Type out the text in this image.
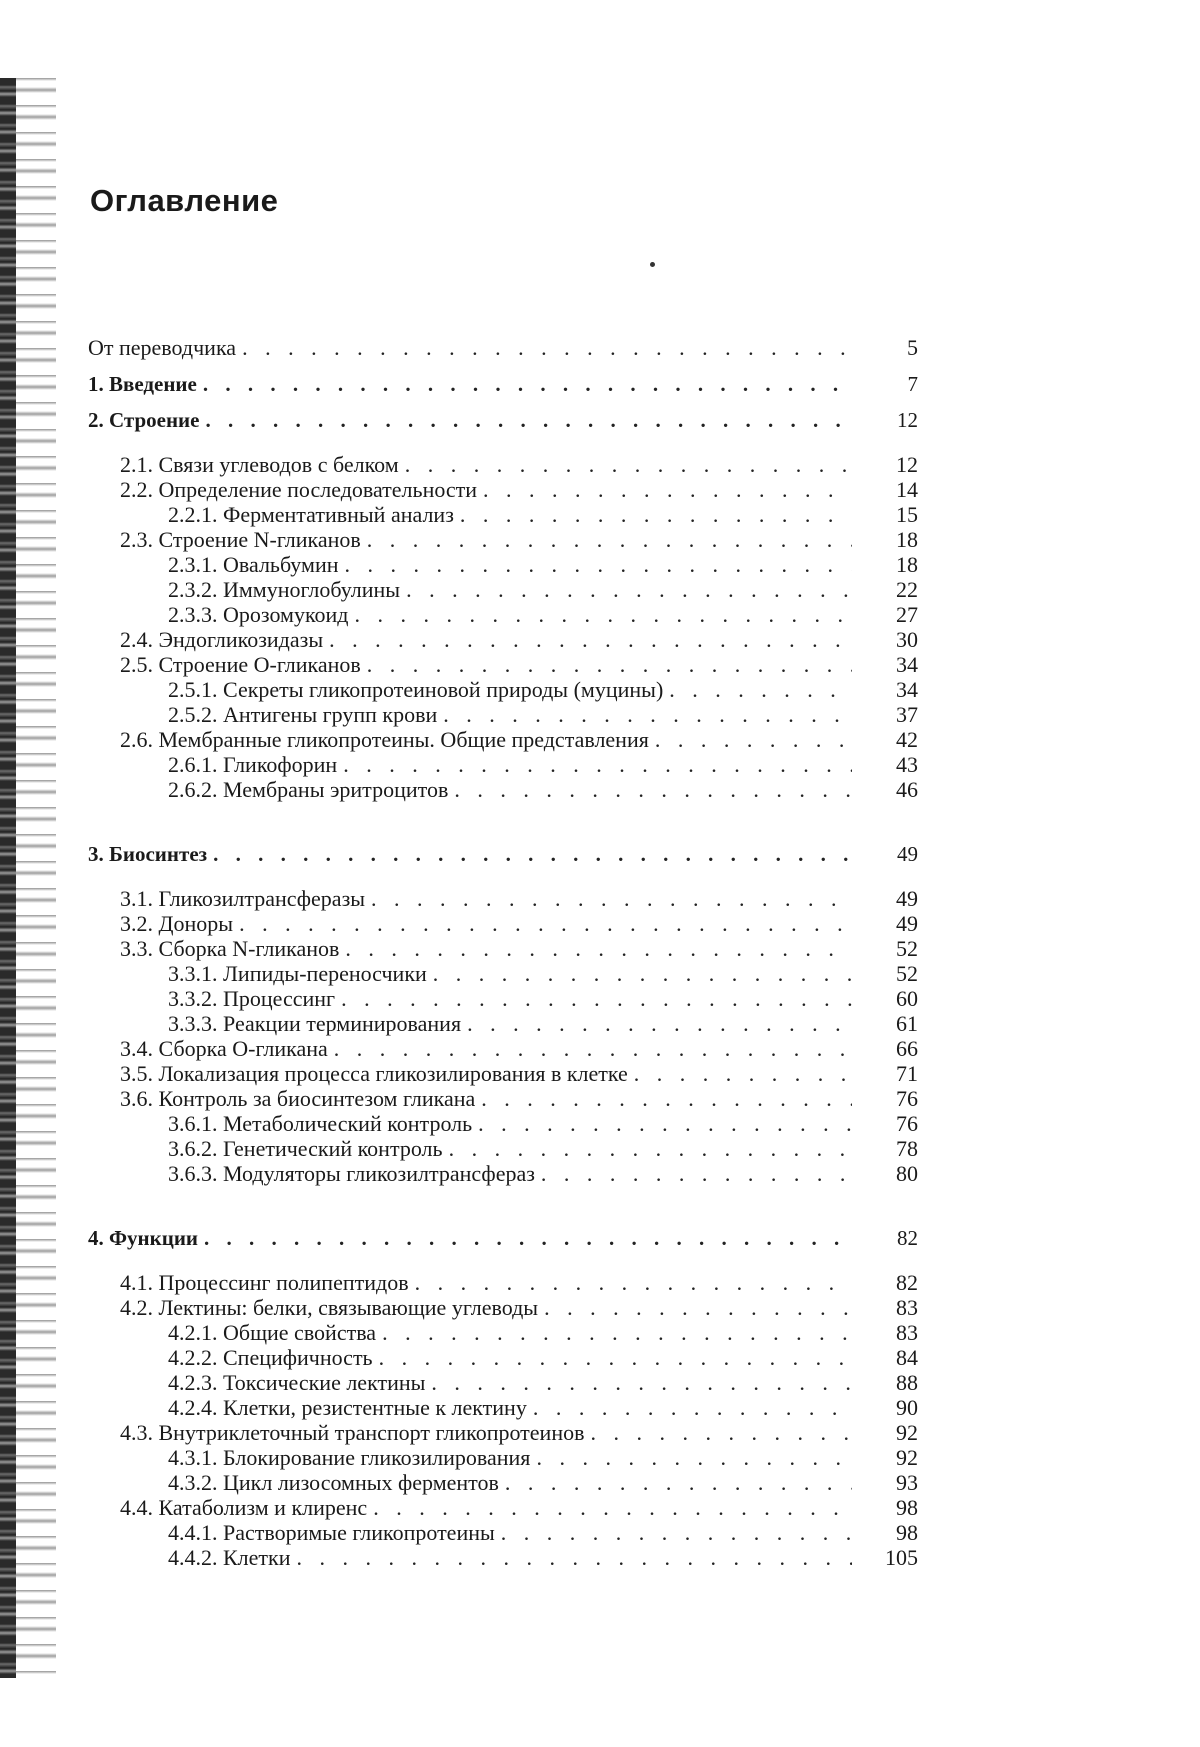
Оглавление
От переводчика . . .	5
1. Введение . . .	7
2. Строение . . .	12
2.1. Связи углеводов с белком . . .	12
2.2. Определение последовательности . . .	14
2.2.1. Ферментативный анализ . . .	15
2.3. Строение N-гликанов . . .	18
2.3.1. Овальбумин . . .	18
2.3.2. Иммуноглобулины . . .	22
2.3.3. Орозомукоид . . .	27
2.4. Эндогликозидазы . . .	30
2.5. Строение О-гликанов . . .	34
2.5.1. Секреты гликопротеиновой природы (муцины) . . .	34
2.5.2. Антигены групп крови . . .	37
2.6. Мембранные гликопротеины. Общие представления . . .	42
2.6.1. Гликофорин . . .	43
2.6.2. Мембраны эритроцитов . . .	46
3. Биосинтез . . .	49
3.1. Гликозилтрансферазы . . .	49
3.2. Доноры . . .	49
3.3. Сборка N-гликанов . . .	52
3.3.1. Липиды-переносчики . . .	52
3.3.2. Процессинг . . .	60
3.3.3. Реакции терминирования . . .	61
3.4. Сборка О-гликана . . .	66
3.5. Локализация процесса гликозилирования в клетке . . .	71
3.6. Контроль за биосинтезом гликана . . .	76
3.6.1. Метаболический контроль . . .	76
3.6.2. Генетический контроль . . .	78
3.6.3. Модуляторы гликозилтрансфераз . . .	80
4. Функции . . .	82
4.1. Процессинг полипептидов . . .	82
4.2. Лектины: белки, связывающие углеводы . . .	83
4.2.1. Общие свойства . . .	83
4.2.2. Специфичность . . .	84
4.2.3. Токсические лектины . . .	88
4.2.4. Клетки, резистентные к лектину . . .	90
4.3. Внутриклеточный транспорт гликопротеинов . . .	92
4.3.1. Блокирование гликозилирования . . .	92
4.3.2. Цикл лизосомных ферментов . . .	93
4.4. Катаболизм и клиренс . . .	98
4.4.1. Растворимые гликопротеины . . .	98
4.4.2. Клетки . . .	105
